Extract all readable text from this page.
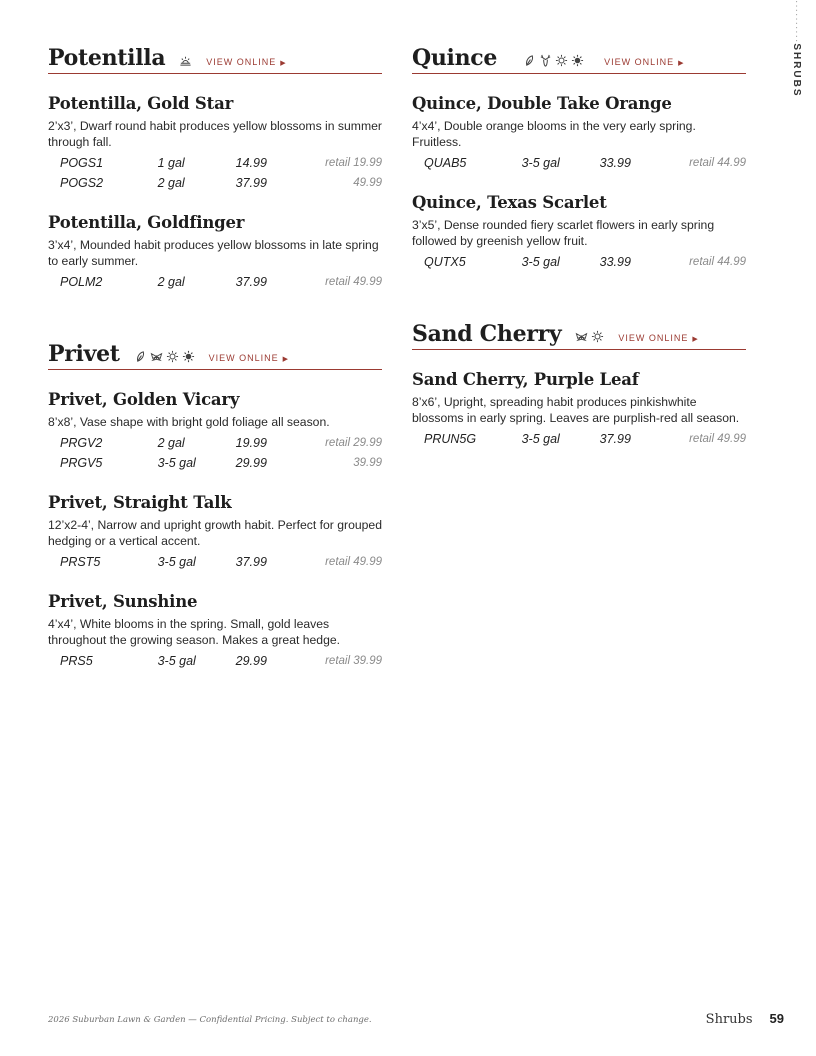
··········SHRUBS
Potentilla	VIEW ONLINE ▶
Potentilla, Gold Star
2’x3’, Dwarf round habit produces yellow blossoms in summer through fall.
POGS1	1 gal	14.99	retail 19.99
POGS2	2 gal	37.99	49.99
Potentilla, Goldfinger
3’x4’, Mounded habit produces yellow blossoms in late spring to early summer.
POLM2	2 gal	37.99	retail 49.99
Privet	VIEW ONLINE ▶
Privet, Golden Vicary
8’x8’, Vase shape with bright gold foliage all season.
PRGV2	2 gal	19.99	retail 29.99
PRGV5	3-5 gal	29.99	39.99
Privet, Straight Talk
12’x2-4’, Narrow and upright growth habit. Perfect for grouped hedging or a vertical accent.
PRST5	3-5 gal	37.99	retail 49.99
Privet, Sunshine
4’x4’, White blooms in the spring. Small, gold leaves throughout the growing season. Makes a great hedge.
PRS5	3-5 gal	29.99	retail 39.99
Quince	VIEW ONLINE ▶
Quince, Double Take Orange
4’x4’, Double orange blooms in the very early spring. Fruitless.
QUAB5	3-5 gal	33.99	retail 44.99
Quince, Texas Scarlet
3’x5’, Dense rounded fiery scarlet flowers in early spring followed by greenish yellow fruit.
QUTX5	3-5 gal	33.99	retail 44.99
Sand Cherry	VIEW ONLINE ▶
Sand Cherry, Purple Leaf
8’x6’, Upright, spreading habit produces pinkishwhite blossoms in early spring. Leaves are purplish-red all season.
PRUN5G	3-5 gal	37.99	retail 49.99
2026 Suburban Lawn & Garden — Confidential Pricing. Subject to change.	Shrubs 59
